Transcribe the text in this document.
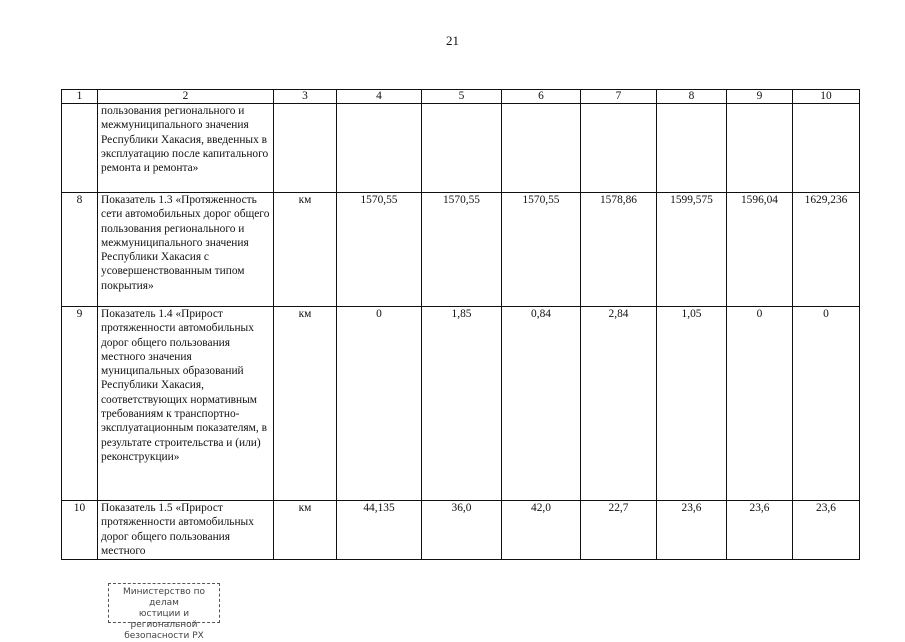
21
1	2	3	4	5	6	7	8	9	10
	пользования регионального и межмуниципального значения Республики Хакасия, введенных в эксплуатацию после капитального ремонта и ремонта»								
8	Показатель 1.3 «Протяженность сети автомобильных дорог общего пользования регионального и межмуниципального значения Республики Хакасия с усовершенствованным типом покрытия»	км	1570,55	1570,55	1570,55	1578,86	1599,575	1596,04	1629,236
9	Показатель 1.4 «Прирост протяженности автомобильных дорог общего пользования местного значения муниципальных образований Республики Хакасия, соответствующих нормативным требованиям к транспортно-эксплуатационным показателям, в результате строительства и (или) реконструкции»	км	0	1,85	0,84	2,84	1,05	0	0
10	Показатель 1.5 «Прирост протяженности автомобильных дорог общего пользования местного	км	44,135	36,0	42,0	22,7	23,6	23,6	23,6
Министерство по делам
юстиции и региональной
безопасности РХ
